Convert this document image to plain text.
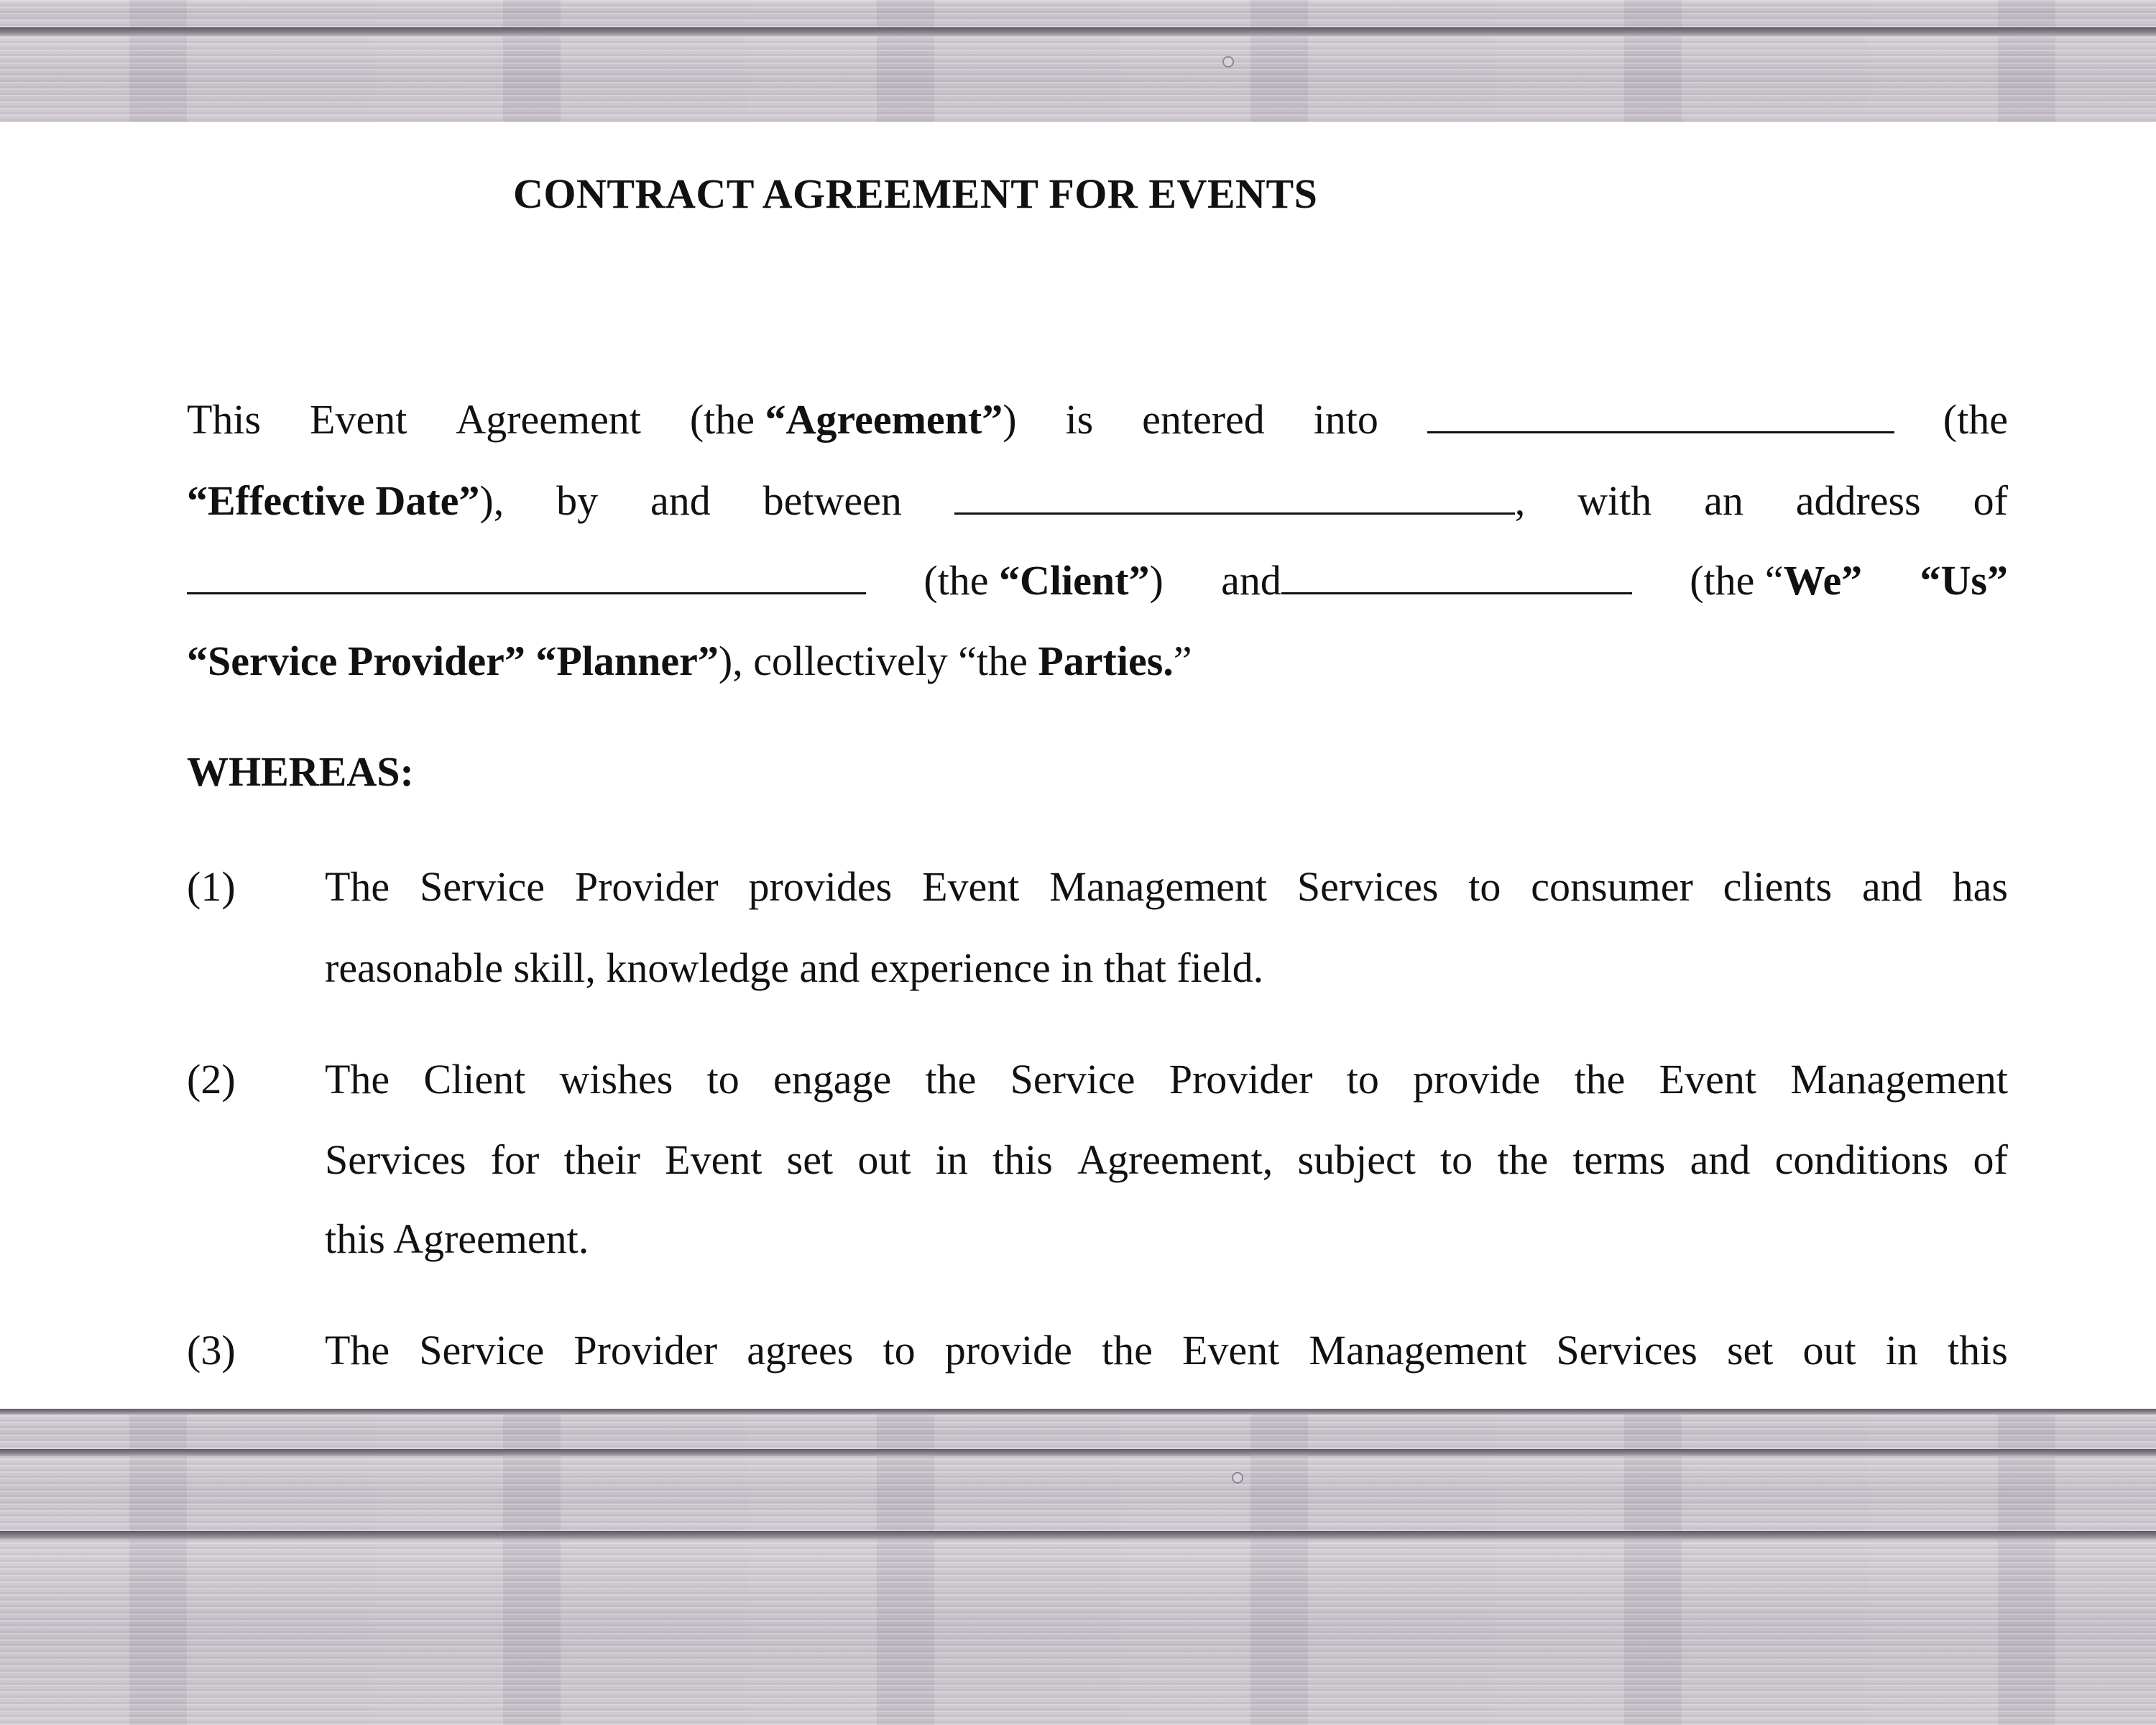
CONTRACT AGREEMENT FOR EVENTS
This Event Agreement (the “Agreement”) is entered into	(the
“Effective Date”), by and between	, with an address of
(the “Client”) and	(the “We” “Us”
“Service Provider”
“Planner” ), collectively “the
Parties. ”
WHEREAS:
(1) The Service Provider provides Event Management Services to consumer clients and has
reasonable skill, knowledge and experience in that field.
(2) The Client wishes to engage the Service Provider to provide the Event Management
Services for their Event set out in this Agreement, subject to the terms and conditions of
this Agreement.
(3) The Service Provider agrees to provide the Event Management Services set out in this
